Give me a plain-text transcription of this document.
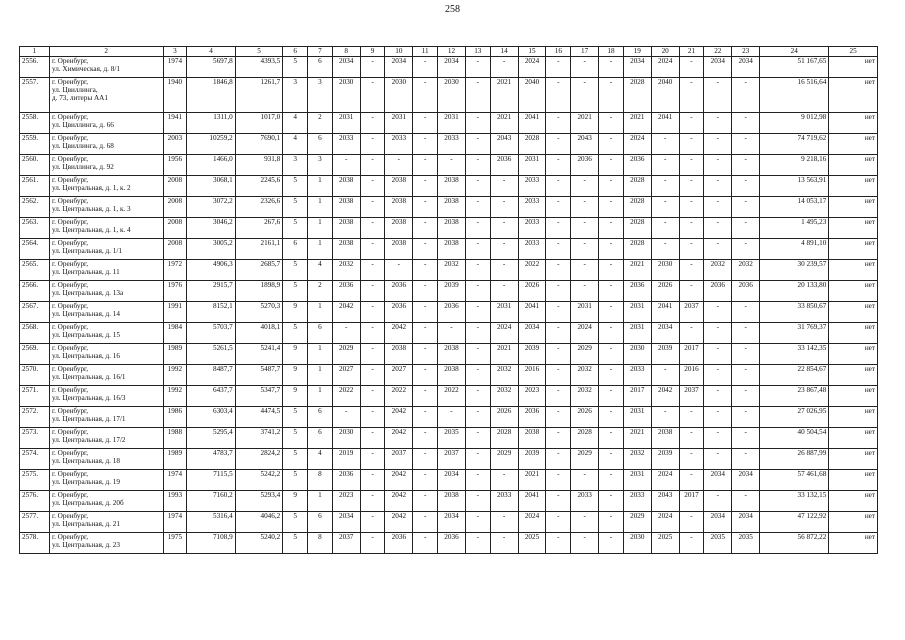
258
1	2	3	4	5	6	7	8	9	10	11	12	13	14	15	16	17	18	19	20	21	22	23	24	25
2556.	г. Оренбург,
ул. Химическая, д. 8/1	1974	5697,8	4393,5	5	6	2034	-	2034	-	2034	-	-	2024	-	-	-	2034	2024	-	2034	2034	51 167,65	нет
2557.	г. Оренбург,
ул. Цвиллинга,
д. 73, литеры АА1	1940	1846,8	1261,7	3	3	2030	-	2030	-	2030	-	2021	2040	-	-	-	2028	2040	-	-	-	16 516,64	нет
2558.	г. Оренбург,
ул. Цвиллинга, д. 66	1941	1311,0	1017,0	4	2	2031	-	2031	-	2031	-	2021	2041	-	2021	-	2021	2041	-	-	-	9 012,98	нет
2559.	г. Оренбург,
ул. Цвиллинга, д. 68	2003	10259,2	7690,1	4	6	2033	-	2033	-	2033	-	2043	2028	-	2043	-	2024	-	-	-	-	74 719,62	нет
2560.	г. Оренбург,
ул. Цвиллинга, д. 92	1956	1466,0	931,8	3	3	-	-	-	-	-	-	2036	2031	-	2036	-	2036	-	-	-	-	9 218,16	нет
2561.	г. Оренбург,
ул. Центральная, д. 1, к. 2	2008	3068,1	2245,6	5	1	2038	-	2038	-	2038	-	-	2033	-	-	-	2028	-	-	-	-	13 563,91	нет
2562.	г. Оренбург,
ул. Центральная, д. 1, к. 3	2008	3072,2	2326,6	5	1	2038	-	2038	-	2038	-	-	2033	-	-	-	2028	-	-	-	-	14 053,17	нет
2563.	г. Оренбург,
ул. Центральная, д. 1, к. 4	2008	3046,2	267,6	5	1	2038	-	2038	-	2038	-	-	2033	-	-	-	2028	-	-	-	-	1 495,23	нет
2564.	г. Оренбург,
ул. Центральная, д. 1/1	2008	3005,2	2161,1	6	1	2038	-	2038	-	2038	-	-	2033	-	-	-	2028	-	-	-	-	4 891,10	нет
2565.	г. Оренбург,
ул. Центральная, д. 11	1972	4906,3	2685,7	5	4	2032	-	-	-	2032	-	-	2022	-	-	-	2021	2030	-	2032	2032	30 239,57	нет
2566.	г. Оренбург,
ул. Центральная, д. 13а	1976	2915,7	1898,9	5	2	2036	-	2036	-	2039	-	-	2026	-	-	-	2036	2026	-	2036	2036	20 133,80	нет
2567.	г. Оренбург,
ул. Центральная, д. 14	1991	8152,1	5270,3	9	1	2042	-	2036	-	2036	-	2031	2041	-	2031	-	2031	2041	2037	-	-	33 850,67	нет
2568.	г. Оренбург,
ул. Центральная, д. 15	1984	5703,7	4018,1	5	6	-	-	2042	-	-	-	2024	2034	-	2024	-	2031	2034	-	-	-	31 769,37	нет
2569.	г. Оренбург,
ул. Центральная, д. 16	1989	5261,5	5241,4	9	1	2029	-	2038	-	2038	-	2021	2039	-	2029	-	2030	2039	2017	-	-	33 142,35	нет
2570.	г. Оренбург,
ул. Центральная, д. 16/1	1992	8487,7	5487,7	9	1	2027	-	2027	-	2038	-	2032	2016	-	2032	-	2033	-	2016	-	-	22 854,67	нет
2571.	г. Оренбург,
ул. Центральная, д. 16/3	1992	6437,7	5347,7	9	1	2022	-	2022	-	2022	-	2032	2023	-	2032	-	2017	2042	2037	-	-	23 867,48	нет
2572.	г. Оренбург,
ул. Центральная, д. 17/1	1986	6303,4	4474,5	5	6	-	-	2042	-	-	-	2026	2036	-	2026	-	2031	-	-	-	-	27 026,95	нет
2573.	г. Оренбург,
ул. Центральная, д. 17/2	1988	5295,4	3741,2	5	6	2030	-	2042	-	2035	-	2028	2038	-	2028	-	2021	2038	-	-	-	40 504,54	нет
2574.	г. Оренбург,
ул. Центральная, д. 18	1989	4783,7	2824,2	5	4	2019	-	2037	-	2037	-	2029	2039	-	2029	-	2032	2039	-	-	-	26 887,99	нет
2575.	г. Оренбург,
ул. Центральная, д. 19	1974	7115,5	5242,2	5	8	2036	-	2042	-	2034	-	-	2021	-	-	-	2031	2024	-	2034	2034	57 461,68	нет
2576.	г. Оренбург,
ул. Центральная, д. 20б	1993	7160,2	5293,4	9	1	2023	-	2042	-	2038	-	2033	2041	-	2033	-	2033	2043	2017	-	-	33 132,15	нет
2577.	г. Оренбург,
ул. Центральная, д. 21	1974	5316,4	4046,2	5	6	2034	-	2042	-	2034	-	-	2024	-	-	-	2029	2024	-	2034	2034	47 122,92	нет
2578.	г. Оренбург,
ул. Центральная, д. 23	1975	7108,9	5240,2	5	8	2037	-	2036	-	2036	-	-	2025	-	-	-	2030	2025	-	2035	2035	56 872,22	нет
